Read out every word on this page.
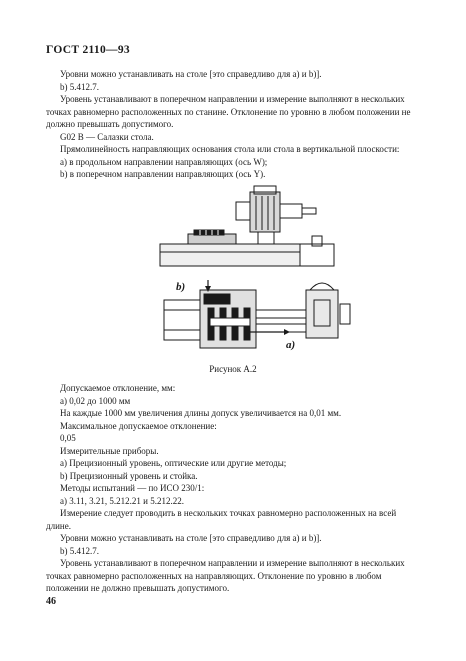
ГОСТ 2110—93

Уровни можно устанавливать на столе [это справедливо для a) и b)].

b) 5.412.7.

Уровень устанавливают в поперечном направлении и измерение выполняют в нескольких точках равномерно расположенных по станине. Отклонение по уровню в любом положении не должно превышать допустимого.

G02 B — Салазки стола.

Прямолинейность направляющих основания стола или стола в вертикальной плоскости:

a) в продольном направлении направляющих (ось W);

b) в поперечном направлении направляющих (ось Y).

b)
a)
Рисунок A.2

Допускаемое отклонение, мм:

a) 0,02 до 1000 мм

На каждые 1000 мм увеличения длины допуск увеличивается на 0,01 мм.

Максимальное допускаемое отклонение:

0,05

Измерительные приборы.

a) Прецизионный уровень, оптические или другие методы;

b) Прецизионный уровень и стойка.

Методы испытаний — по ИСО 230/1:

a) 3.11, 3.21, 5.212.21 и 5.212.22.

Измерение следует проводить в нескольких точках равномерно расположенных на всей длине.

Уровни можно устанавливать на столе [это справедливо для a) и b)].

b) 5.412.7.

Уровень устанавливают в поперечном направлении и измерение выполняют в нескольких точках равномерно расположенных на направляющих. Отклонение по уровню в любом положении не должно превышать допустимого.

46
